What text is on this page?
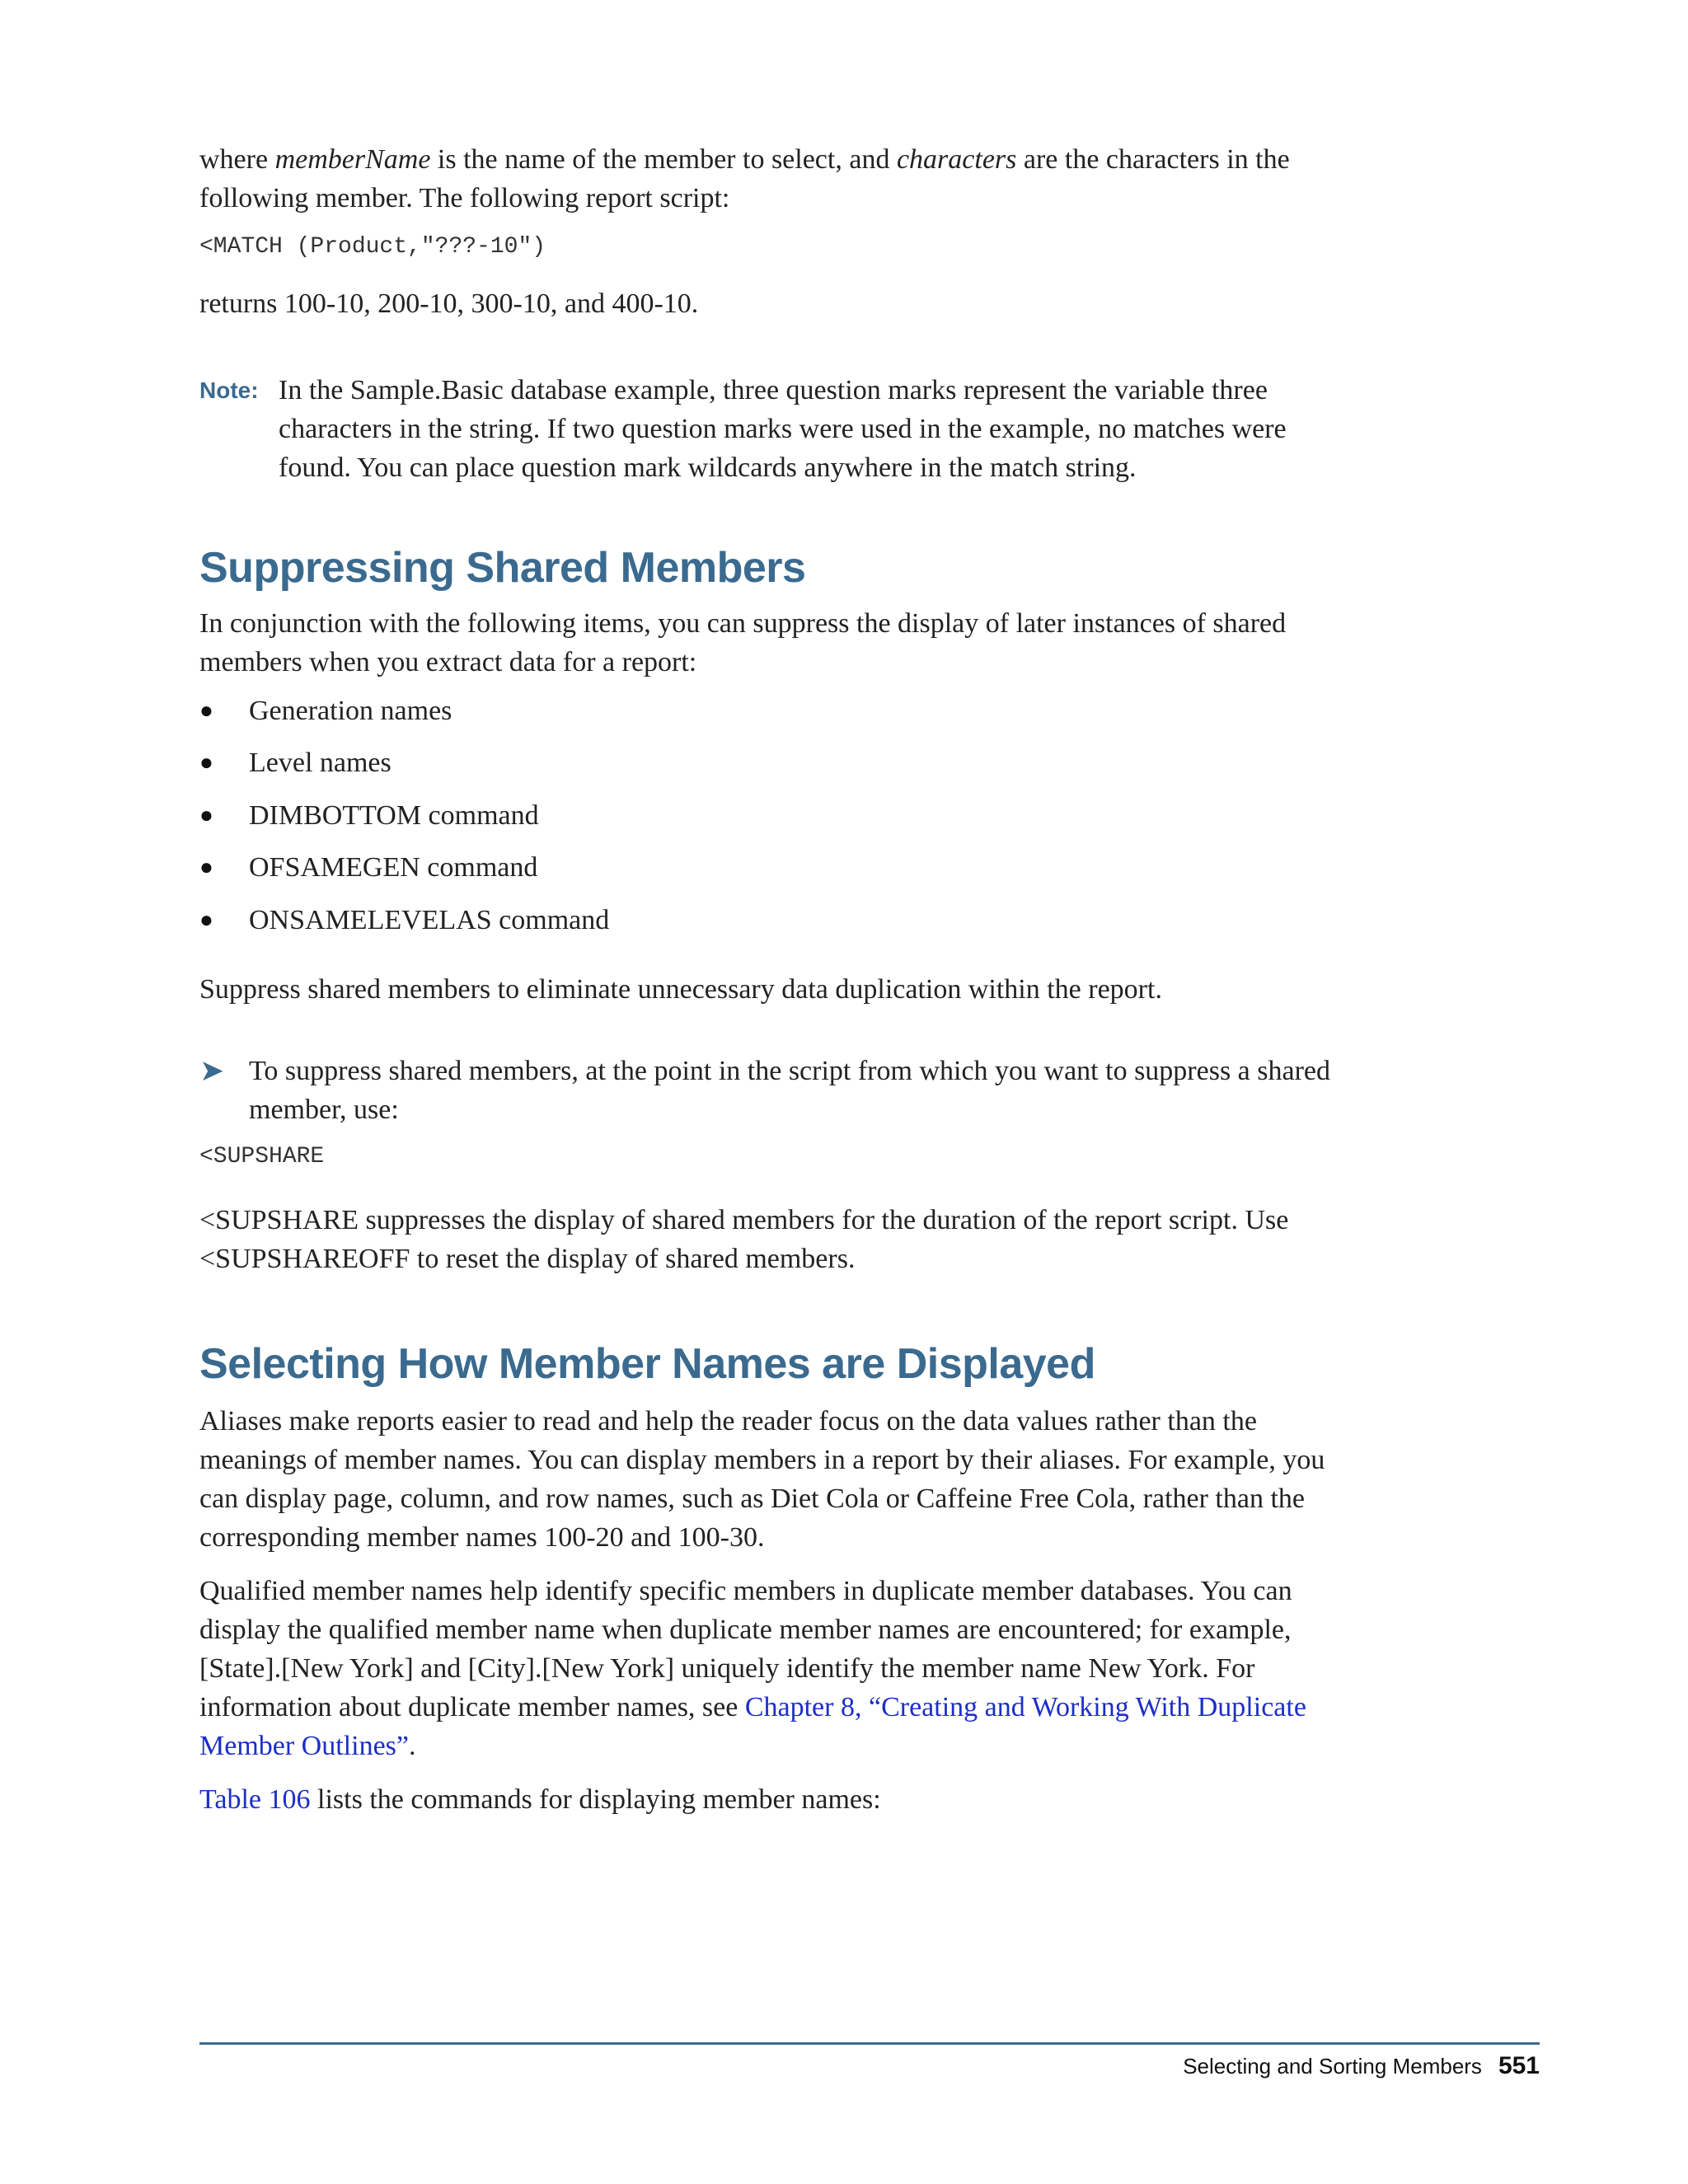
where memberName is the name of the member to select, and characters are the characters in the following member. The following report script:

<MATCH (Product,"???-10")

returns 100-10, 200-10, 300-10, and 400-10.

Note: In the Sample.Basic database example, three question marks represent the variable three characters in the string. If two question marks were used in the example, no matches were found. You can place question mark wildcards anywhere in the match string.

Suppressing Shared Members

In conjunction with the following items, you can suppress the display of later instances of shared members when you extract data for a report:

●	Generation names
●	Level names
●	DIMBOTTOM command
●	OFSAMEGEN command
●	ONSAMELEVELAS command

Suppress shared members to eliminate unnecessary data duplication within the report.

➤ To suppress shared members, at the point in the script from which you want to suppress a shared member, use:

<SUPSHARE

<SUPSHARE suppresses the display of shared members for the duration of the report script. Use <SUPSHAREOFF to reset the display of shared members.

Selecting How Member Names are Displayed

Aliases make reports easier to read and help the reader focus on the data values rather than the meanings of member names. You can display members in a report by their aliases. For example, you can display page, column, and row names, such as Diet Cola or Caffeine Free Cola, rather than the corresponding member names 100-20 and 100-30.

Qualified member names help identify specific members in duplicate member databases. You can display the qualified member name when duplicate member names are encountered; for example, [State].[New York] and [City].[New York] uniquely identify the member name New York. For information about duplicate member names, see Chapter 8, “Creating and Working With Duplicate Member Outlines”.

Table 106 lists the commands for displaying member names:

Selecting and Sorting Members 551
